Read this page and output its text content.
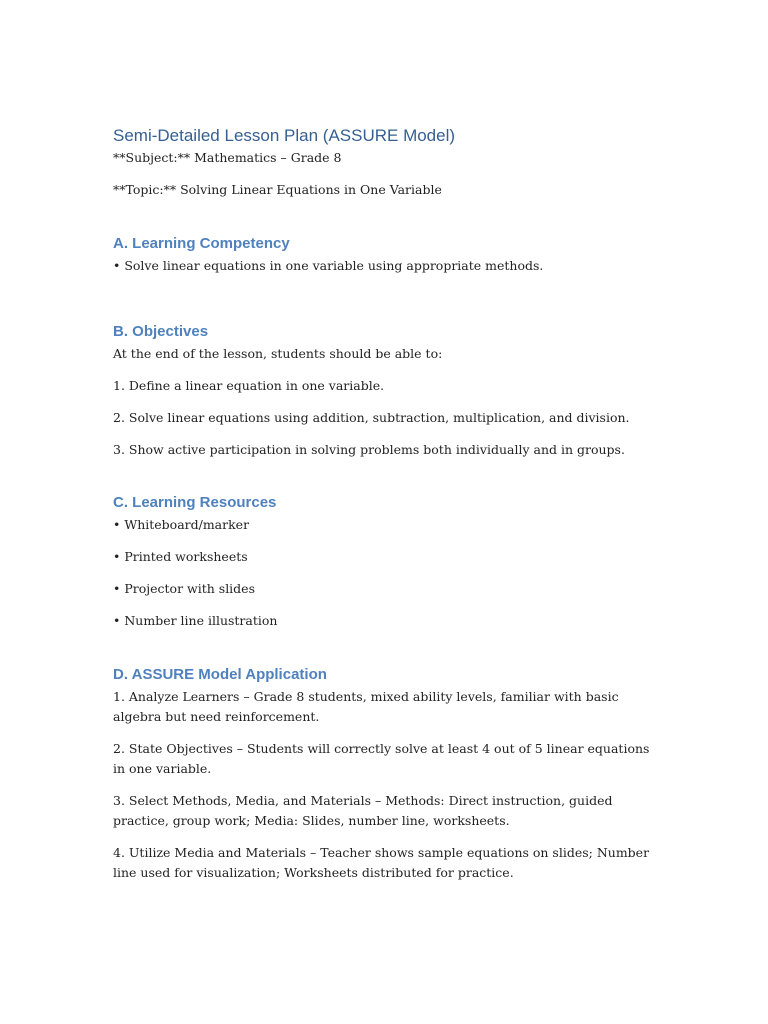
Semi-Detailed Lesson Plan (ASSURE Model)

**Subject:** Mathematics – Grade 8

**Topic:** Solving Linear Equations in One Variable

A. Learning Competency

• Solve linear equations in one variable using appropriate methods.

B. Objectives

At the end of the lesson, students should be able to:

1. Define a linear equation in one variable.

2. Solve linear equations using addition, subtraction, multiplication, and division.

3. Show active participation in solving problems both individually and in groups.

C. Learning Resources

• Whiteboard/marker

• Printed worksheets

• Projector with slides

• Number line illustration

D. ASSURE Model Application

1. Analyze Learners – Grade 8 students, mixed ability levels, familiar with basic algebra but need reinforcement.

2. State Objectives – Students will correctly solve at least 4 out of 5 linear equations in one variable.

3. Select Methods, Media, and Materials – Methods: Direct instruction, guided practice, group work; Media: Slides, number line, worksheets.

4. Utilize Media and Materials – Teacher shows sample equations on slides; Number line used for visualization; Worksheets distributed for practice.
